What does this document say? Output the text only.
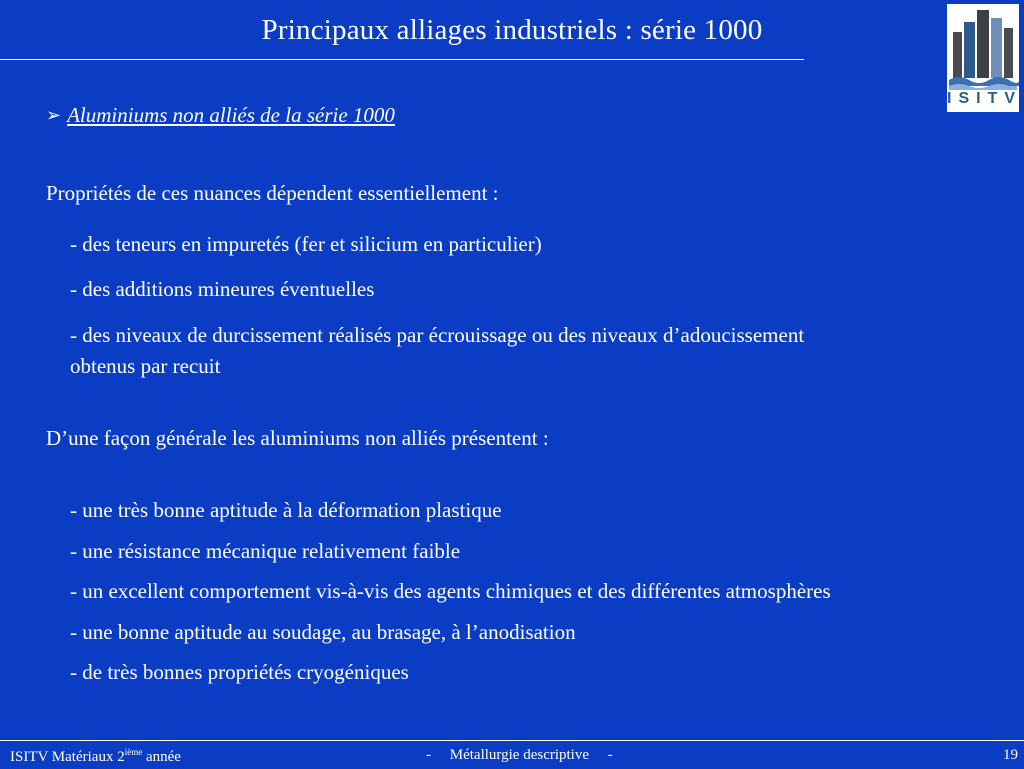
Principaux alliages industriels : série 1000
ISITV
➢ Aluminiums non alliés de la série 1000
Propriétés de ces nuances dépendent essentiellement :
- des teneurs en impuretés (fer et silicium en particulier)
- des additions mineures éventuelles
- des niveaux de durcissement réalisés par écrouissage ou des niveaux d’adoucissement
obtenus par recuit
D’une façon générale les aluminiums non alliés présentent :
- une très bonne aptitude à la déformation plastique
- une résistance mécanique relativement faible
- un excellent comportement vis-à-vis des agents chimiques et des différentes atmosphères
- une bonne aptitude au soudage, au brasage, à l’anodisation
- de très bonnes propriétés cryogéniques
ISITV Matériaux 2ième année	-     Métallurgie descriptive     -	19
